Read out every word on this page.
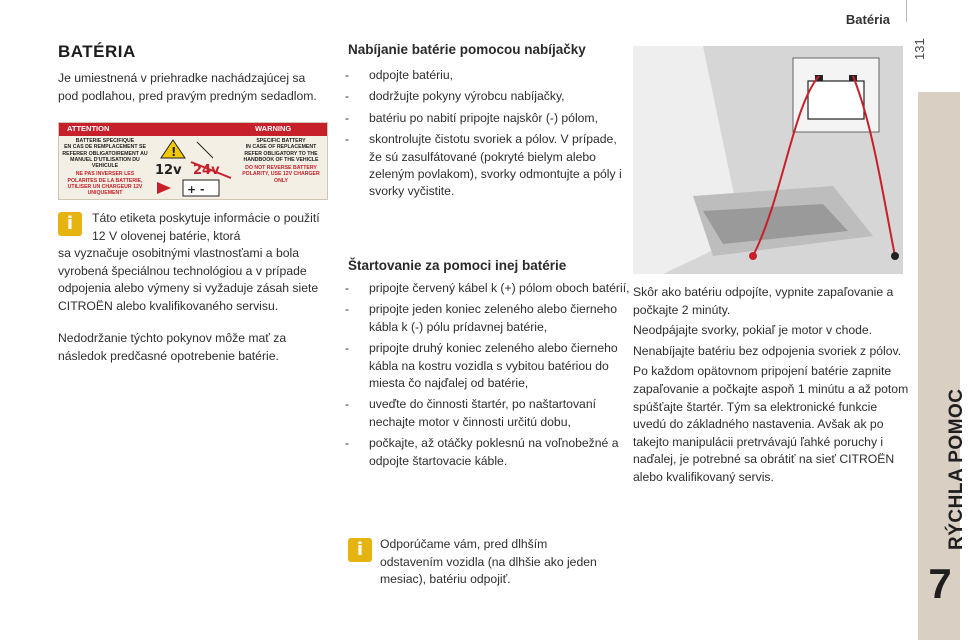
Batéria
131
RÝCHLA POMOC
7
BATÉRIA
Je umiestnená v priehradke nachádzajúcej sa pod podlahou, pred pravým predným sedadlom.
ATTENTION	WARNING
BATTERIE SPECIFIQUE
EN CAS DE REMPLACEMENT SE REFERER OBLIGATOIREMENT AU MANUEL D'UTILISATION DU VEHICULE
NE PAS INVERSER LES POLARITES DE LA BATTERIE, UTILISER UN CHARGEUR 12V UNIQUEMENT
!
12v 24v
+ -
SPECIFIC BATTERY
IN CASE OF REPLACEMENT REFER OBLIGATORY TO THE HANDBOOK OF THE VEHICLE
DO NOT REVERSE BATTERY POLARITY, USE 12V CHARGER ONLY
i	Táto etiketa poskytuje informácie o použití 12 V olovenej batérie, ktorá
sa vyznačuje osobitnými vlastnosťami a bola vyrobená špeciálnou technológiou a v prípade odpojenia alebo výmeny si vyžaduje zásah siete CITROËN alebo kvalifikovaného servisu.
Nedodržanie týchto pokynov môže mať za následok predčasné opotrebenie batérie.
Nabíjanie batérie pomocou nabíjačky
- odpojte batériu,
- dodržujte pokyny výrobcu nabíjačky,
- batériu po nabití pripojte najskôr (-) pólom,
- skontrolujte čistotu svoriek a pólov. V prípade, že sú zasulfátované (pokryté bielym alebo zeleným povlakom), svorky odmontujte a póly i svorky vyčistite.
Štartovanie za pomoci inej batérie
- pripojte červený kábel k (+) pólom oboch batérií,
- pripojte jeden koniec zeleného alebo čierneho kábla k (-) pólu prídavnej batérie,
- pripojte druhý koniec zeleného alebo čierneho kábla na kostru vozidla s vybitou batériou do miesta čo najďalej od batérie,
- uveďte do činnosti štartér, po naštartovaní nechajte motor v činnosti určitú dobu,
- počkajte, až otáčky poklesnú na voľnobežné a odpojte štartovacie káble.
i	Odporúčame vám, pred dlhším odstavením vozidla (na dlhšie ako jeden mesiac), batériu odpojiť.

Skôr ako batériu odpojíte, vypnite zapaľovanie a počkajte 2 minúty.

Neodpájajte svorky, pokiaľ je motor v chode.

Nenabíjajte batériu bez odpojenia svoriek z pólov.

Po každom opätovnom pripojení batérie zapnite zapaľovanie a počkajte aspoň 1 minútu a až potom spúšťajte štartér. Tým sa elektronické funkcie uvedú do základného nastavenia. Avšak ak po takejto manipulácii pretrvávajú ľahké poruchy i naďalej, je potrebné sa obrátiť na sieť CITROËN alebo kvalifikovaný servis.
